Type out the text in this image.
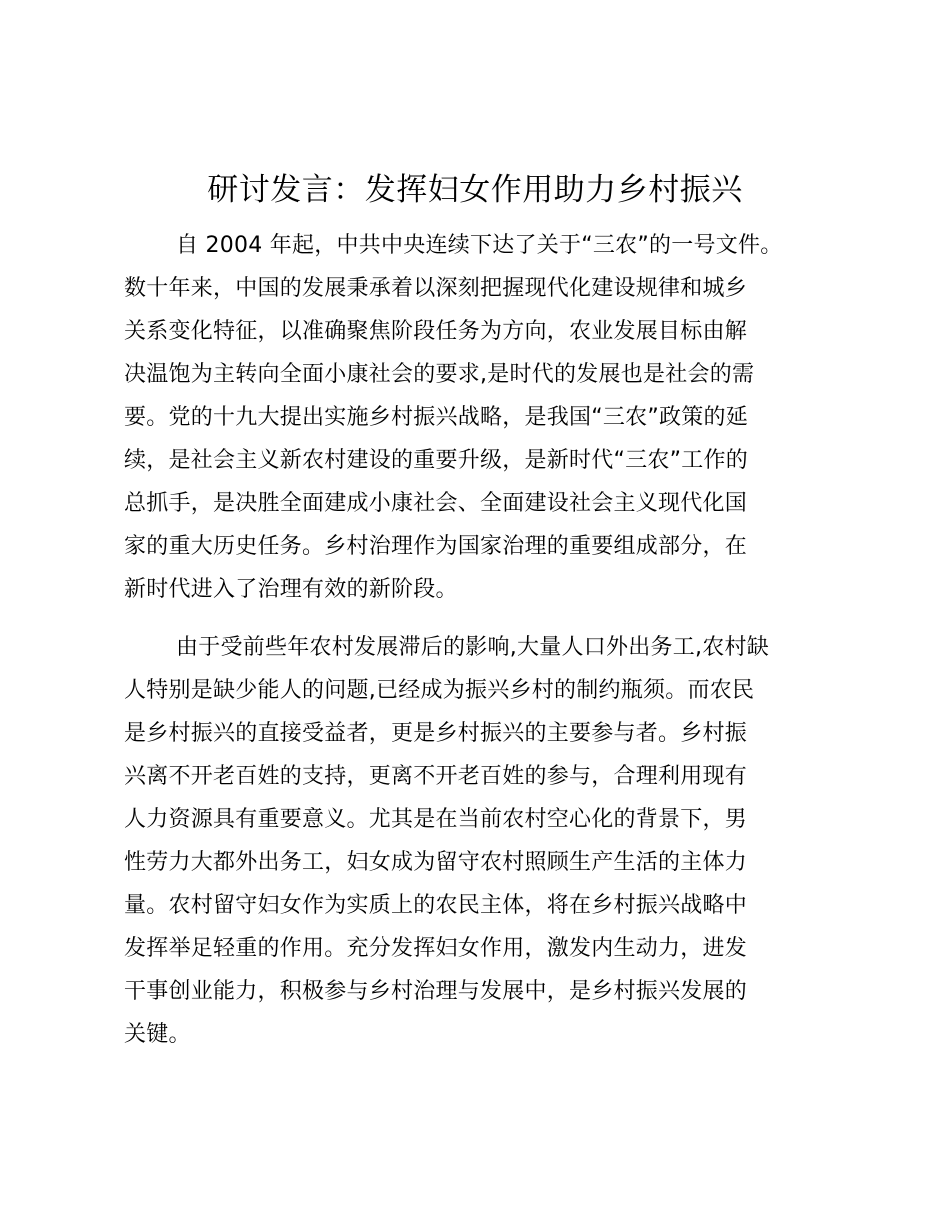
研讨发言：发挥妇女作用助力乡村振兴
自 2004 年起，中共中央连续下达了关于“三农”的一号文件。
数十年来，中国的发展秉承着以深刻把握现代化建设规律和城乡
关系变化特征，以准确聚焦阶段任务为方向，农业发展目标由解
决温饱为主转向全面小康社会的要求,是时代的发展也是社会的需
要。党的十九大提出实施乡村振兴战略，是我国“三农”政策的延
续，是社会主义新农村建设的重要升级，是新时代“三农”工作的
总抓手，是决胜全面建成小康社会、全面建设社会主义现代化国
家的重大历史任务。乡村治理作为国家治理的重要组成部分，在
新时代进入了治理有效的新阶段。
由于受前些年农村发展滞后的影响,大量人口外出务工,农村缺
人特别是缺少能人的问题,已经成为振兴乡村的制约瓶须。而农民
是乡村振兴的直接受益者，更是乡村振兴的主要参与者。乡村振
兴离不开老百姓的支持，更离不开老百姓的参与，合理利用现有
人力资源具有重要意义。尤其是在当前农村空心化的背景下，男
性劳力大都外出务工，妇女成为留守农村照顾生产生活的主体力
量。农村留守妇女作为实质上的农民主体，将在乡村振兴战略中
发挥举足轻重的作用。充分发挥妇女作用，激发内生动力，进发
干事创业能力，积极参与乡村治理与发展中，是乡村振兴发展的
关键。
